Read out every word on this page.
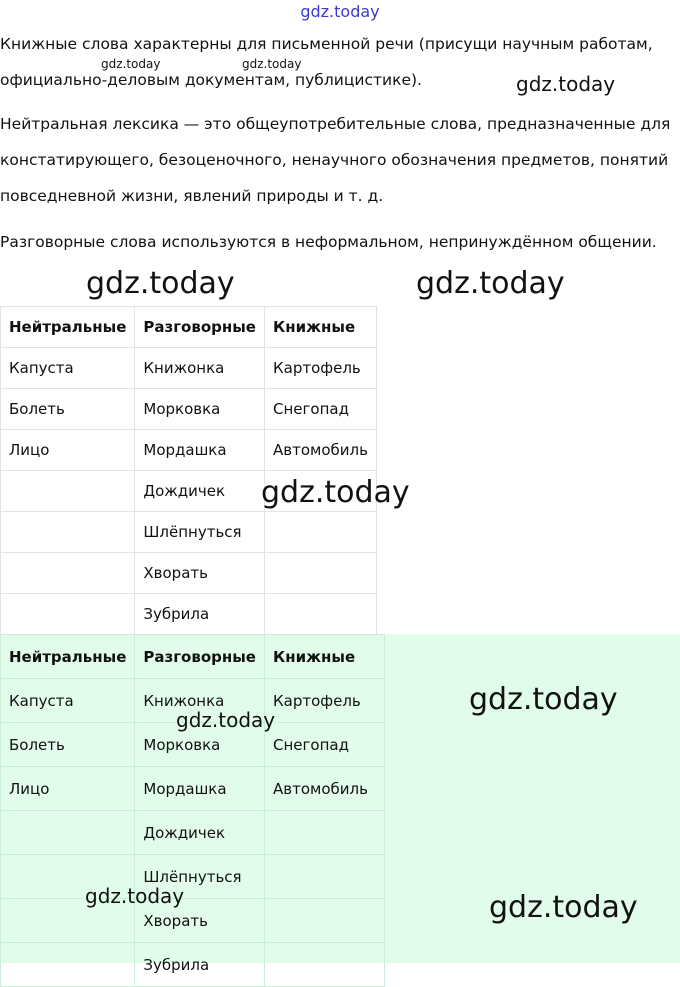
gdz.today

Книжные слова характерны для письменной речи (присущи научным работам, официально-деловым документам, публицистике).

Нейтральная лексика — это общеупотребительные слова, предназначенные для констатирующего, безоценочного, ненаучного обозначения предметов, понятий повседневной жизни, явлений природы и т. д.

Разговорные слова используются в неформальном, непринуждённом общении.

Нейтральные	Разговорные	Книжные
Капуста	Книжонка	Картофель
Болеть	Морковка	Снегопад
Лицо	Мордашка	Автомобиль
	Дождичек	
	Шлёпнуться	
	Хворать	
	Зубрила	
Нейтральные	Разговорные	Книжные
Капуста	Книжонка	Картофель
Болеть	Морковка	Снегопад
Лицо	Мордашка	Автомобиль
	Дождичек	
	Шлёпнуться	
	Хворать	
	Зубрила	
gdz.today	gdz.today
gdz.today
gdz.today	gdz.today
gdz.today
gdz.today
gdz.today
gdz.today	gdz.today
